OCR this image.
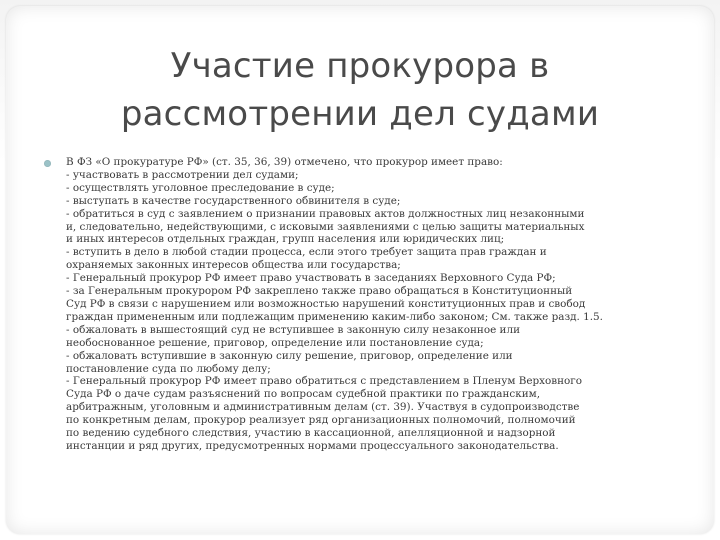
Участие прокурора в рассмотрении дел судами
В ФЗ «О прокуратуре РФ» (ст. 35, 36, 39) отмечено, что прокурор имеет право:
- участвовать в рассмотрении дел судами;
- осуществлять уголовное преследование в суде;
- выступать в качестве государственного обвинителя в суде;
- обратиться в суд с заявлением о признании правовых актов должностных лиц незаконными
и, следовательно, недействующими, с исковыми заявлениями с целью защиты материальных
и иных интересов отдельных граждан, групп населения или юридических лиц;
- вступить в дело в любой стадии процесса, если этого требует защита прав граждан и
охраняемых законных интересов общества или государства;
- Генеральный прокурор РФ имеет право участвовать в заседаниях Верховного Суда РФ;
- за Генеральным прокурором РФ закреплено также право обращаться в Конституционный
Суд РФ в связи с нарушением или возможностью нарушений конституционных прав и свобод
граждан примененным или подлежащим применению каким-либо законом; См. также разд. 1.5.
- обжаловать в вышестоящий суд не вступившее в законную силу незаконное или
необоснованное решение, приговор, определение или постановление суда;
- обжаловать вступившие в законную силу решение, приговор, определение или
постановление суда по любому делу;
- Генеральный прокурор РФ имеет право обратиться с представлением в Пленум Верховного
Суда РФ о даче судам разъяснений по вопросам судебной практики по гражданским,
арбитражным, уголовным и административным делам (ст. 39). Участвуя в судопроизводстве
по конкретным делам, прокурор реализует ряд организационных полномочий, полномочий
по ведению судебного следствия, участию в кассационной, апелляционной и надзорной
инстанции и ряд других, предусмотренных нормами процессуального законодательства.
